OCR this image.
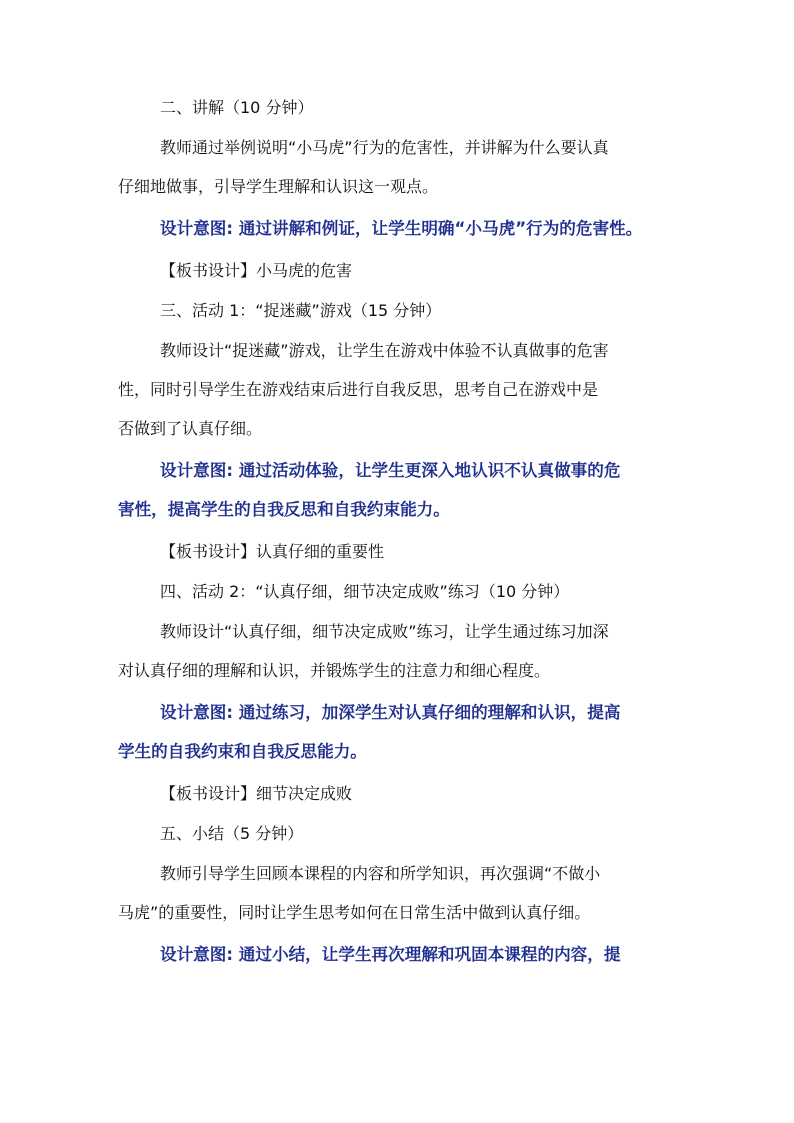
二、讲解（10 分钟）

教师通过举例说明“小马虎”行为的危害性，并讲解为什么要认真

仔细地做事，引导学生理解和认识这一观点。

设计意图: 通过讲解和例证，让学生明确“小马虎”行为的危害性。

【板书设计】小马虎的危害

三、活动 1：“捉迷藏”游戏（15 分钟）

教师设计“捉迷藏”游戏，让学生在游戏中体验不认真做事的危害

性，同时引导学生在游戏结束后进行自我反思，思考自己在游戏中是

否做到了认真仔细。

设计意图: 通过活动体验，让学生更深入地认识不认真做事的危

害性，提高学生的自我反思和自我约束能力。

【板书设计】认真仔细的重要性

四、活动 2：“认真仔细，细节决定成败”练习（10 分钟）

教师设计“认真仔细，细节决定成败”练习，让学生通过练习加深

对认真仔细的理解和认识，并锻炼学生的注意力和细心程度。

设计意图: 通过练习，加深学生对认真仔细的理解和认识，提高

学生的自我约束和自我反思能力。

【板书设计】细节决定成败

五、小结（5 分钟）

教师引导学生回顾本课程的内容和所学知识，再次强调“不做小

马虎”的重要性，同时让学生思考如何在日常生活中做到认真仔细。

设计意图: 通过小结，让学生再次理解和巩固本课程的内容，提
